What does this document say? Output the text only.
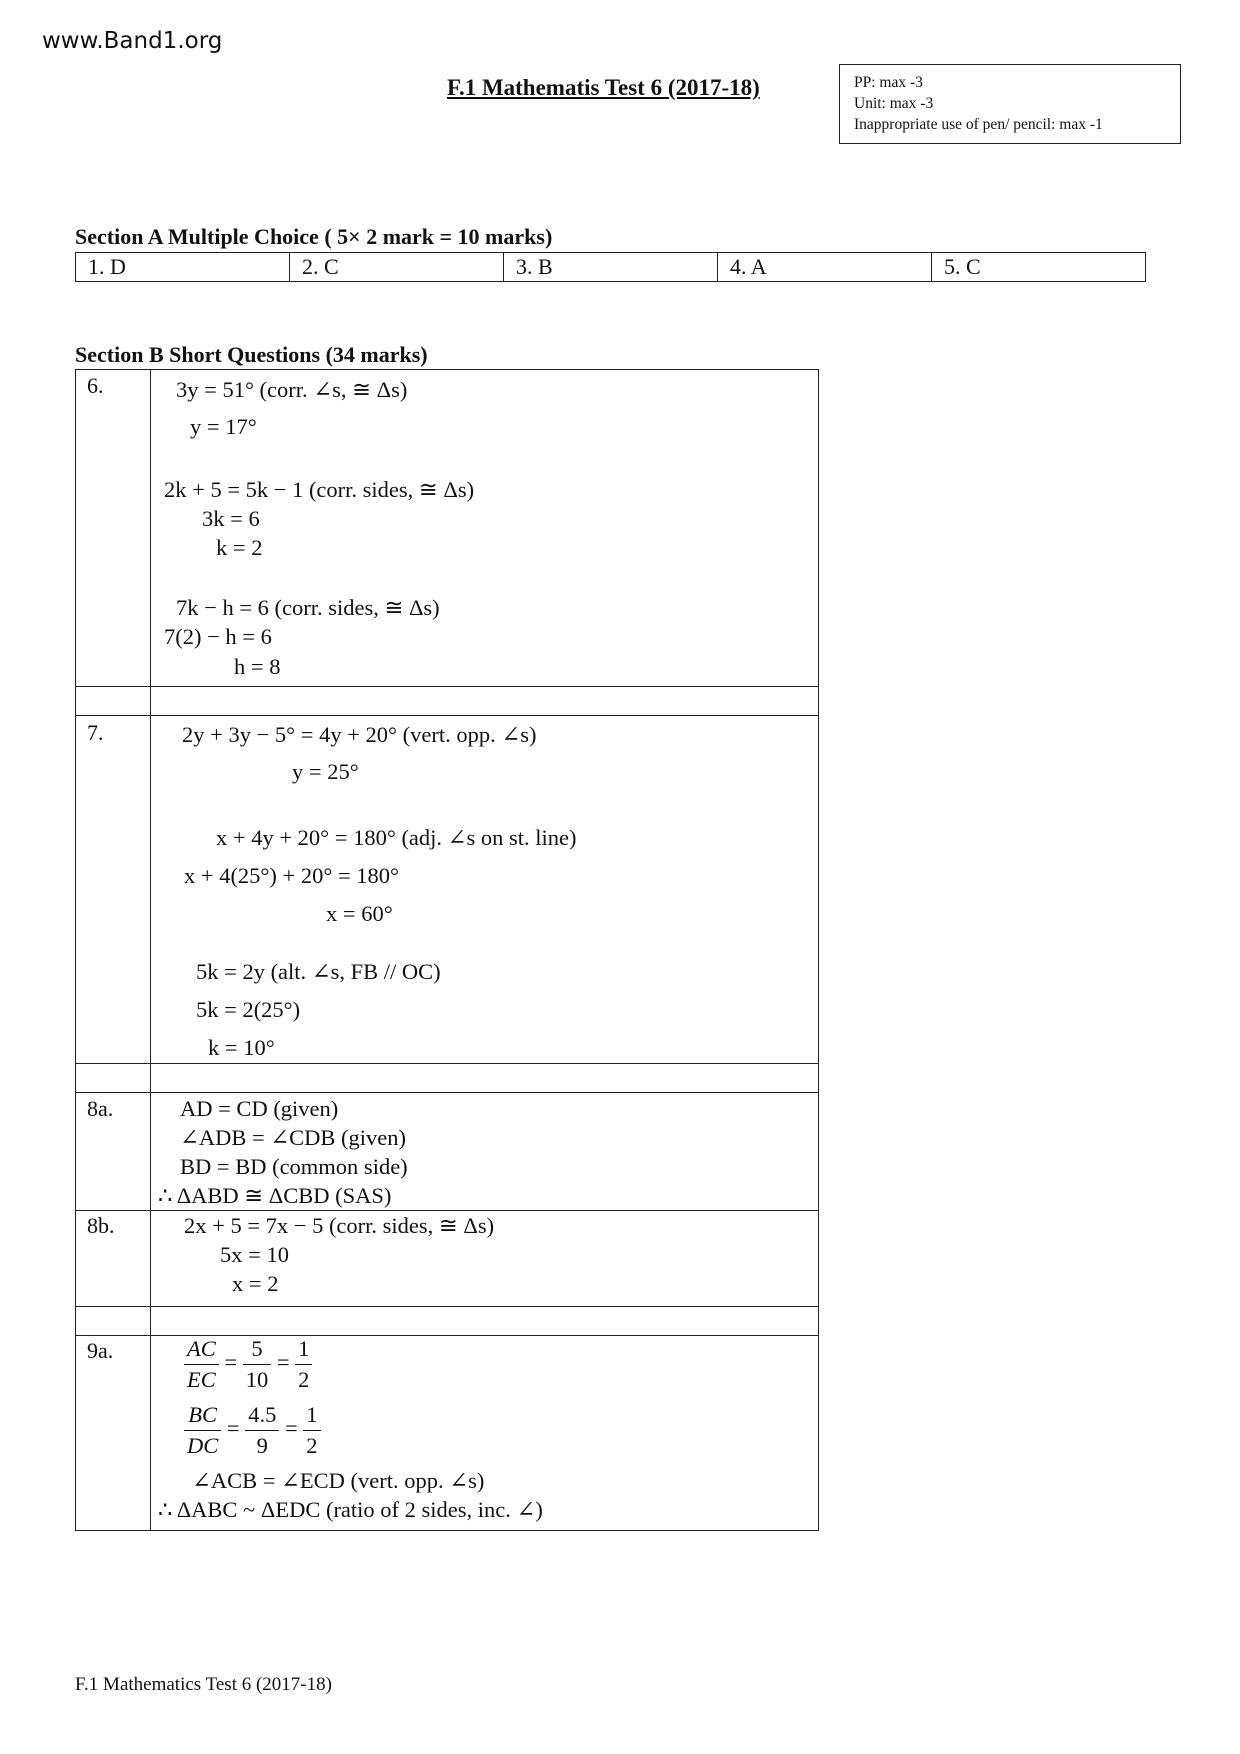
www.Band1.org
F.1 Mathematis Test 6 (2017-18)	PP: max -3
Unit: max -3
Inappropriate use of pen/ pencil: max -1
Section A Multiple Choice ( 5× 2 mark = 10 marks)
1. D	2. C	3. B	4. A	5. C
Section B Short Questions (34 marks)
6.	3y = 51° (corr. ∠s, ≅ Δs)
y = 17°
2k + 5 = 5k − 1 (corr. sides, ≅ Δs)
3k = 6
k = 2
7k − h = 6 (corr. sides, ≅ Δs)
7(2) − h = 6
h = 8
7.	2y + 3y − 5° = 4y + 20° (vert. opp. ∠s)
y = 25°
x + 4y + 20° = 180° (adj. ∠s on st. line)
x + 4(25°) + 20° = 180°
x = 60°
5k = 2y (alt. ∠s, FB // OC)
5k = 2(25°)
k = 10°
8a.	AD = CD (given)
∠ADB = ∠CDB (given)
BD = BD (common side)
∴ ΔABD ≅ ΔCBD (SAS)
8b.	2x + 5 = 7x − 5 (corr. sides, ≅ Δs)
5x = 10
x = 2
9a.	$\frac{AC}{EC} = \frac{5}{10} = \frac{1}{2}$
$\frac{BC}{DC} = \frac{4.5}{9} = \frac{1}{2}$
∠ACB = ∠ECD (vert. opp. ∠s)
∴ ΔABC ~ ΔEDC (ratio of 2 sides, inc. ∠)
F.1 Mathematics Test 6 (2017-18)
